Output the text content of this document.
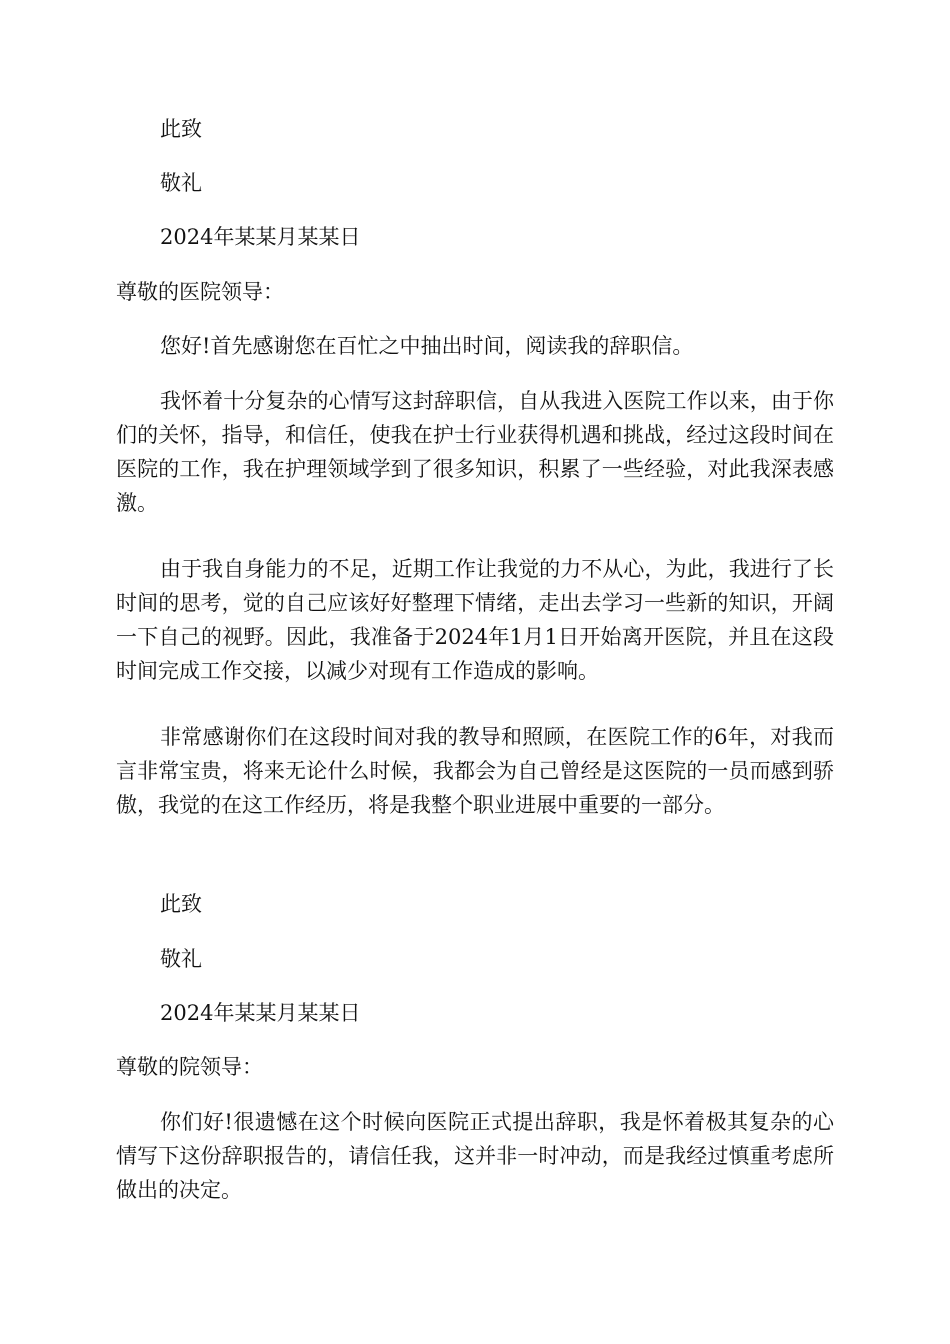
此致

敬礼

2024年某某月某某日

尊敬的医院领导：

您好!首先感谢您在百忙之中抽出时间，阅读我的辞职信。

我怀着十分复杂的心情写这封辞职信，自从我进入医院工作以来，由于你们的关怀，指导，和信任，使我在护士行业获得机遇和挑战，经过这段时间在医院的工作，我在护理领域学到了很多知识，积累了一些经验，对此我深表感激。

由于我自身能力的不足，近期工作让我觉的力不从心，为此，我进行了长时间的思考，觉的自己应该好好整理下情绪，走出去学习一些新的知识，开阔一下自己的视野。因此，我准备于2024年1月1日开始离开医院，并且在这段时间完成工作交接，以减少对现有工作造成的影响。

非常感谢你们在这段时间对我的教导和照顾，在医院工作的6年，对我而言非常宝贵，将来无论什么时候，我都会为自己曾经是这医院的一员而感到骄傲，我觉的在这工作经历，将是我整个职业进展中重要的一部分。

此致

敬礼

2024年某某月某某日

尊敬的院领导：

你们好!很遗憾在这个时候向医院正式提出辞职，我是怀着极其复杂的心情写下这份辞职报告的，请信任我，这并非一时冲动，而是我经过慎重考虑所做出的决定。
